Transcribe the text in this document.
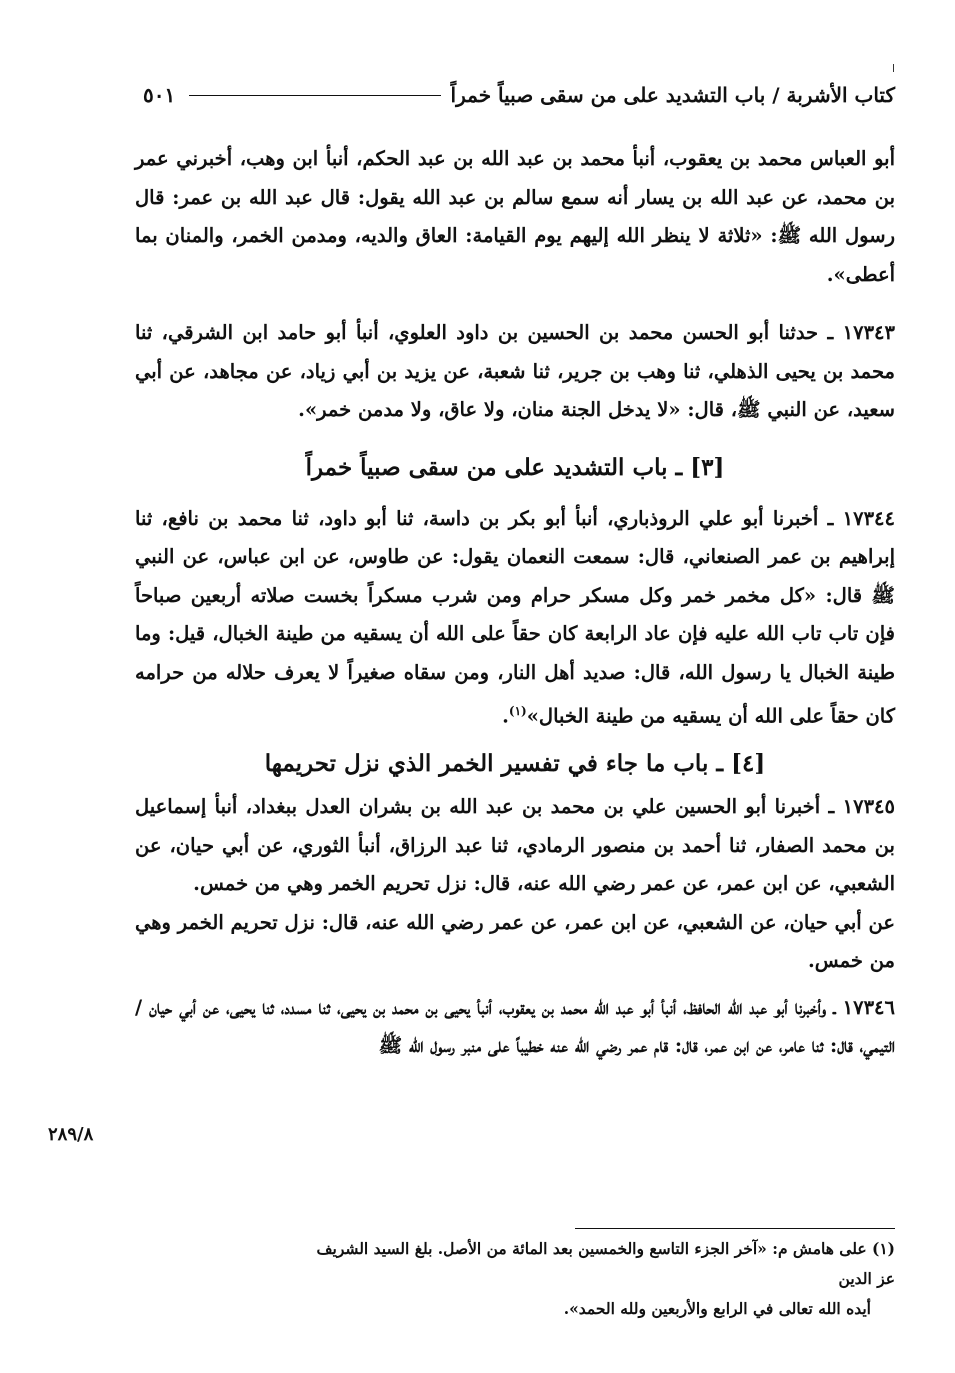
كتاب الأشربة / باب التشديد على من سقى صبياً خمراً
٥٠١

أبو العباس محمد بن يعقوب، أنبأ محمد بن عبد الله بن عبد الحكم، أنبأ ابن وهب، أخبرني عمر بن محمد، عن عبد الله بن يسار أنه سمع سالم بن عبد الله يقول: قال عبد الله بن عمر: قال رسول الله ﷺ: «ثلاثة لا ينظر الله إليهم يوم القيامة: العاق والديه، ومدمن الخمر، والمنان بما أعطى».

١٧٣٤٣ ـ حدثنا أبو الحسن محمد بن الحسين بن داود العلوي، أنبأ أبو حامد ابن الشرقي، ثنا محمد بن يحيى الذهلي، ثنا وهب بن جرير، ثنا شعبة، عن يزيد بن أبي زياد، عن مجاهد، عن أبي سعيد، عن النبي ﷺ، قال: «لا يدخل الجنة منان، ولا عاق، ولا مدمن خمر».

[٣] ـ باب التشديد على من سقى صبياً خمراً

١٧٣٤٤ ـ أخبرنا أبو علي الروذباري، أنبأ أبو بكر بن داسة، ثنا أبو داود، ثنا محمد بن نافع، ثنا إبراهيم بن عمر الصنعاني، قال: سمعت النعمان يقول: عن طاوس، عن ابن عباس، عن النبي ﷺ قال: «كل مخمر خمر وكل مسكر حرام ومن شرب مسكراً بخست صلاته أربعين صباحاً فإن تاب تاب الله عليه فإن عاد الرابعة كان حقاً على الله أن يسقيه من طينة الخبال، قيل: وما طينة الخبال يا رسول الله، قال: صديد أهل النار، ومن سقاه صغيراً لا يعرف حلاله من حرامه كان حقاً على الله أن يسقيه من طينة الخبال»$^{(١)}$.

[٤] ـ باب ما جاء في تفسير الخمر الذي نزل تحريمها

١٧٣٤٥ ـ أخبرنا أبو الحسين علي بن محمد بن عبد الله بن بشران العدل ببغداد، أنبأ إسماعيل بن محمد الصفار، ثنا أحمد بن منصور الرمادي، ثنا عبد الرزاق، أنبأ الثوري، عن أبي حيان، عن الشعبي، عن ابن عمر، عن عمر رضي الله عنه، قال: نزل تحريم الخمر وهي من خمس.

عن أبي حيان، عن الشعبي، عن ابن عمر، عن عمر رضي الله عنه، قال: نزل تحريم الخمر وهي من خمس.

١٧٣٤٦ ـ وأخبرنا أبو عبد الله الحافظ، أنبأ أبو عبد الله محمد بن يعقوب، أنبأ يحيى بن محمد بن يحيى، ثنا مسدد، ثنا يحيى، عن أبي حيان / التيمي، قال: ثنا عامر، عن ابن عمر، قال: قام عمر رضي الله عنه خطيباً على منبر رسول الله ﷺ

٢٨٩/٨

(١) على هامش م: «آخر الجزء التاسع والخمسين بعد المائة من الأصل. بلغ السيد الشريف عز الدين

أيده الله تعالى في الرابع والأربعين ولله الحمد».
